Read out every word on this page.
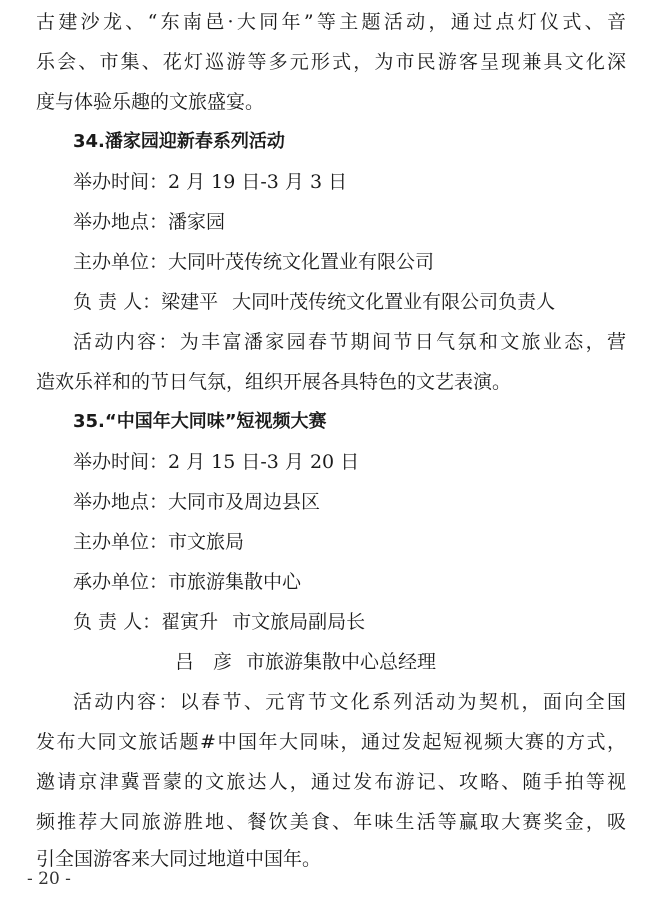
古建沙龙、“东南邑·大同年”等主题活动，通过点灯仪式、音
乐会、市集、花灯巡游等多元形式，为市民游客呈现兼具文化深
度与体验乐趣的文旅盛宴。
34.潘家园迎新春系列活动
举办时间：2 月 19 日-3 月 3 日
举办地点：潘家园
主办单位：大同叶茂传统文化置业有限公司
负 责 人：梁建平 大同叶茂传统文化置业有限公司负责人
活动内容：为丰富潘家园春节期间节日气氛和文旅业态，营
造欢乐祥和的节日气氛，组织开展各具特色的文艺表演。
35.“中国年大同味”短视频大赛
举办时间：2 月 15 日-3 月 20 日
举办地点：大同市及周边县区
主办单位：市文旅局
承办单位：市旅游集散中心
负 责 人：翟寅升 市文旅局副局长
吕　彦 市旅游集散中心总经理
活动内容：以春节、元宵节文化系列活动为契机，面向全国
发布大同文旅话题#中国年大同味，通过发起短视频大赛的方式，
邀请京津冀晋蒙的文旅达人，通过发布游记、攻略、随手拍等视
频推荐大同旅游胜地、餐饮美食、年味生活等赢取大赛奖金，吸
引全国游客来大同过地道中国年。
- 20 -
